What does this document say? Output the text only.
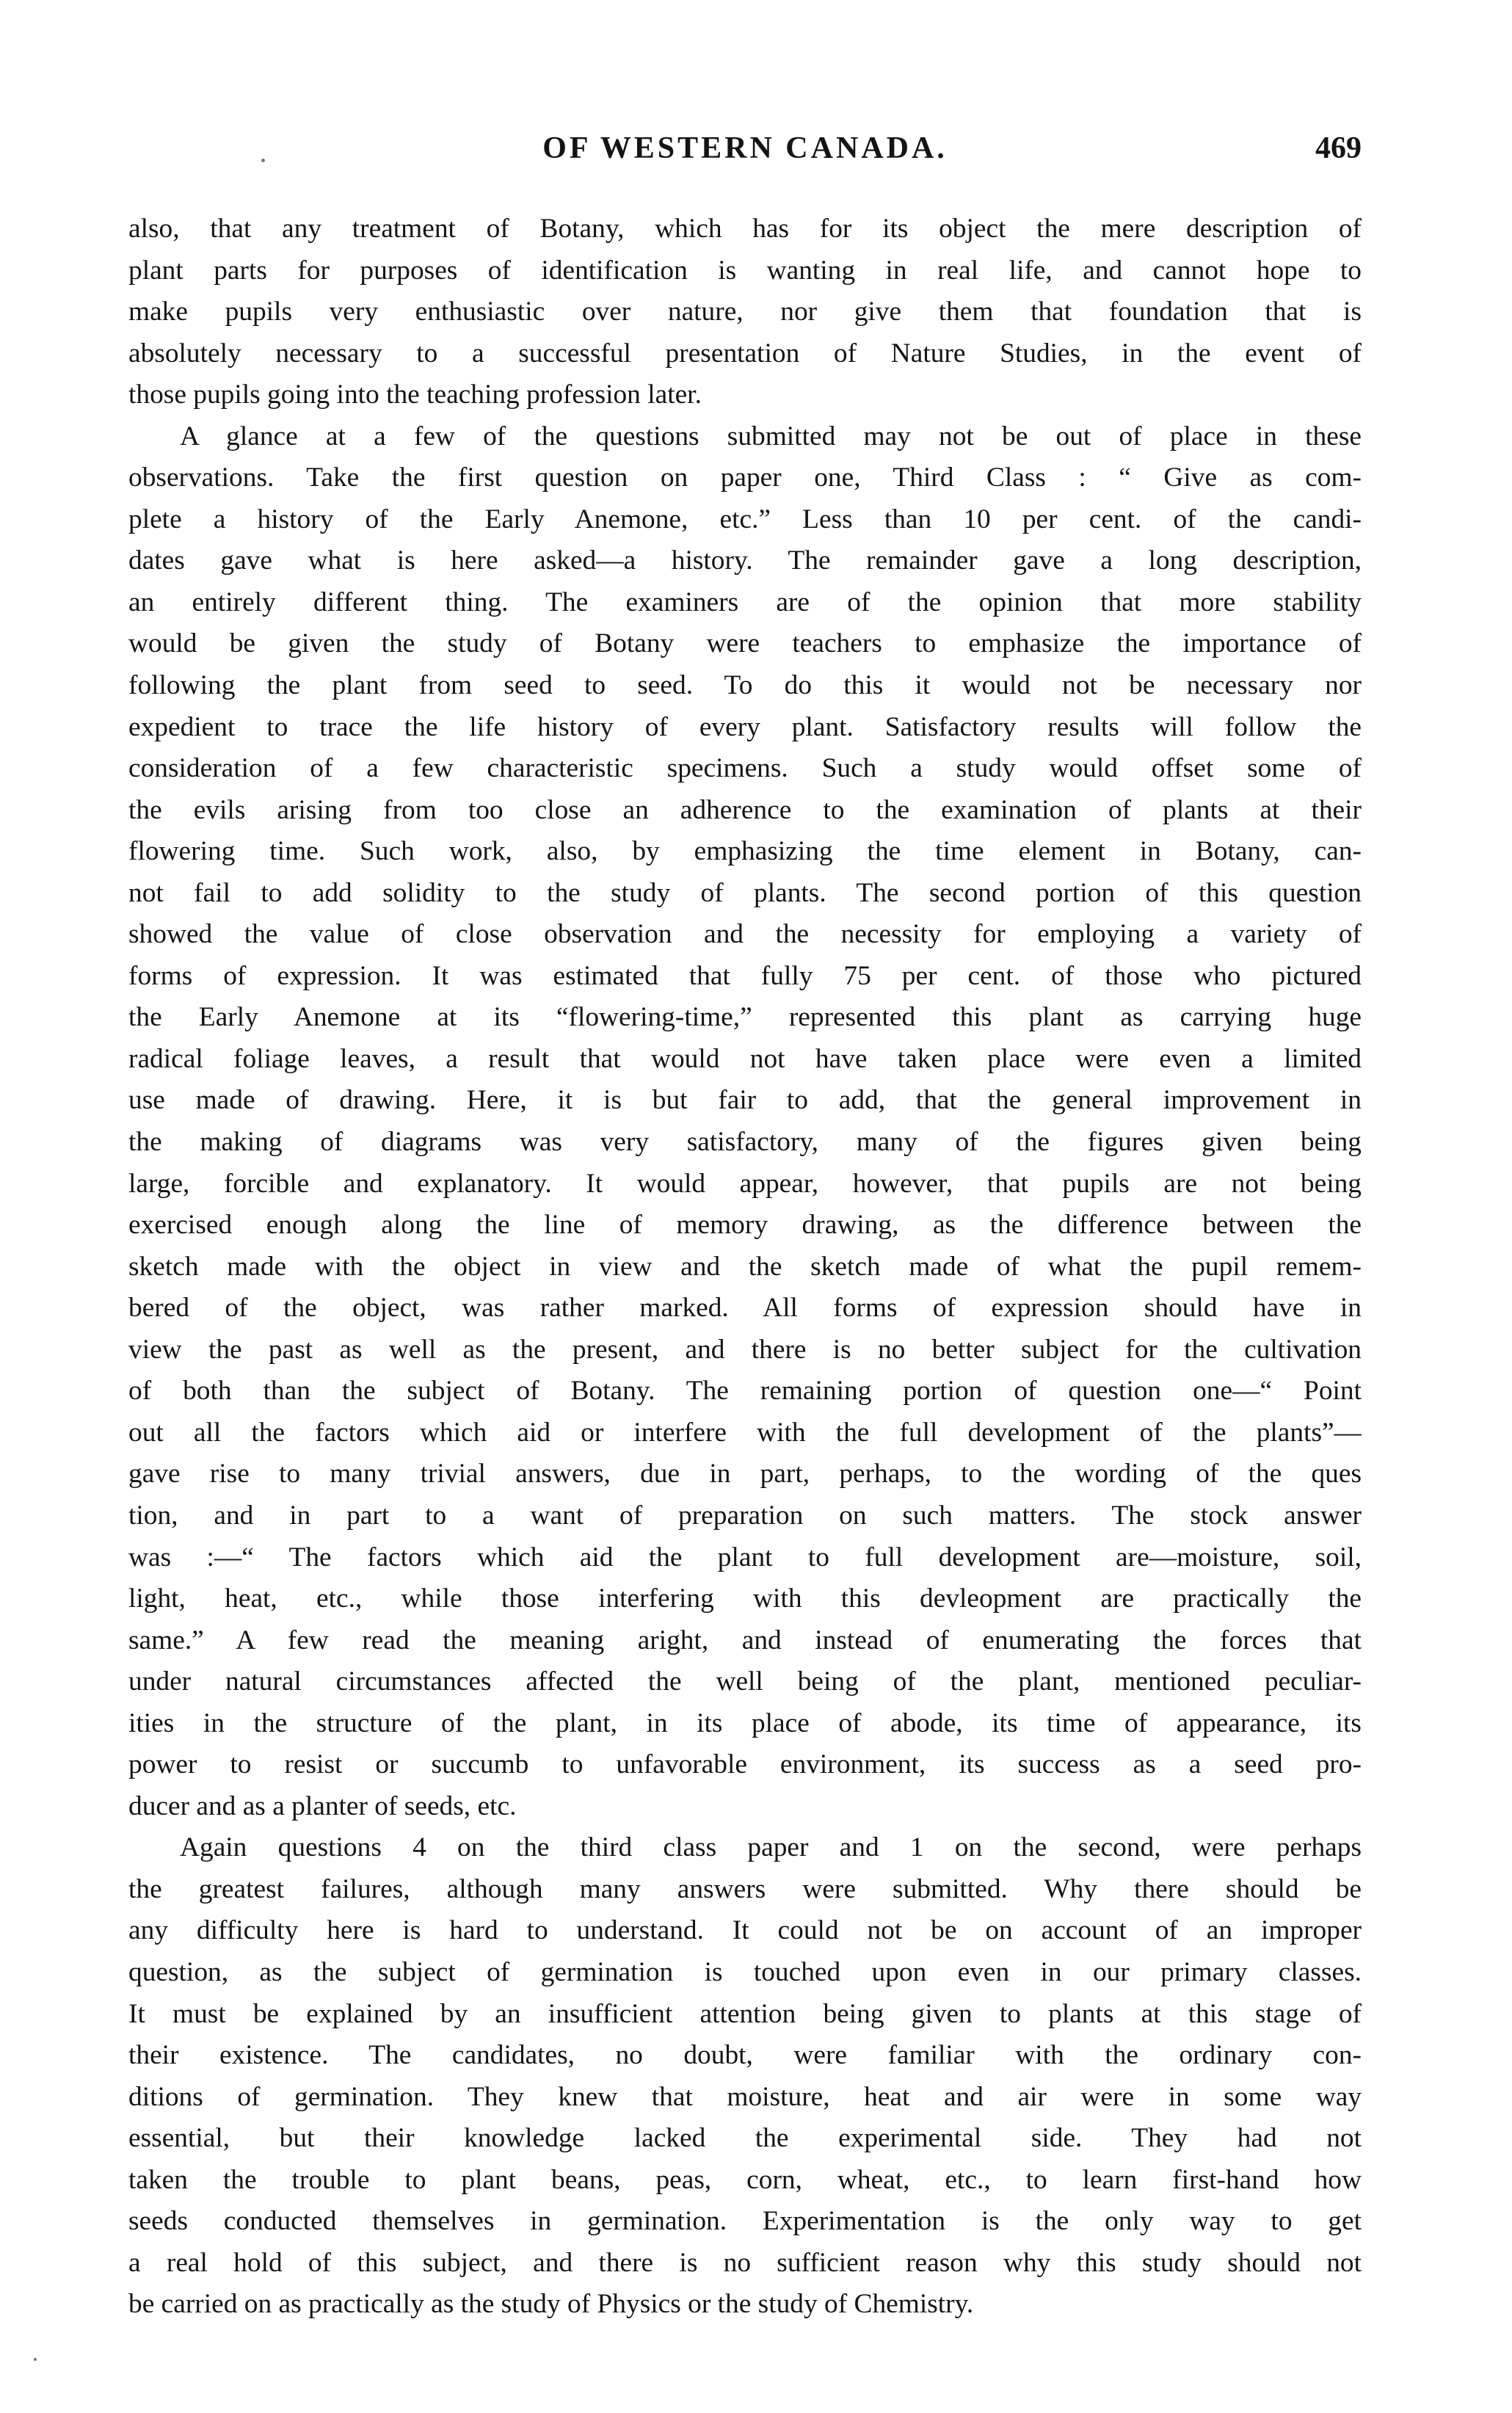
OF WESTERN CANADA.	469
also, that any treatment of Botany, which has for its object the mere description of
plant parts for purposes of identification is wanting in real life, and cannot hope to
make pupils very enthusiastic over nature, nor give them that foundation that is
absolutely necessary to a successful presentation of Nature Studies, in the event of
those pupils going into the teaching profession later.
A glance at a few of the questions submitted may not be out of place in these
observations. Take the first question on paper one, Third Class : “ Give as com-
plete a history of the Early Anemone, etc.” Less than 10 per cent. of the candi-
dates gave what is here asked—a history. The remainder gave a long description,
an entirely different thing. The examiners are of the opinion that more stability
would be given the study of Botany were teachers to emphasize the importance of
following the plant from seed to seed. To do this it would not be necessary nor
expedient to trace the life history of every plant. Satisfactory results will follow the
consideration of a few characteristic specimens. Such a study would offset some of
the evils arising from too close an adherence to the examination of plants at their
flowering time. Such work, also, by emphasizing the time element in Botany, can-
not fail to add solidity to the study of plants. The second portion of this question
showed the value of close observation and the necessity for employing a variety of
forms of expression. It was estimated that fully 75 per cent. of those who pictured
the Early Anemone at its “flowering-time,” represented this plant as carrying huge
radical foliage leaves, a result that would not have taken place were even a limited
use made of drawing. Here, it is but fair to add, that the general improvement in
the making of diagrams was very satisfactory, many of the figures given being
large, forcible and explanatory. It would appear, however, that pupils are not being
exercised enough along the line of memory drawing, as the difference between the
sketch made with the object in view and the sketch made of what the pupil remem-
bered of the object, was rather marked. All forms of expression should have in
view the past as well as the present, and there is no better subject for the cultivation
of both than the subject of Botany. The remaining portion of question one—“ Point
out all the factors which aid or interfere with the full development of the plants”—
gave rise to many trivial answers, due in part, perhaps, to the wording of the ques
tion, and in part to a want of preparation on such matters. The stock answer
was :—“ The factors which aid the plant to full development are—moisture, soil,
light, heat, etc., while those interfering with this devleopment are practically the
same.” A few read the meaning aright, and instead of enumerating the forces that
under natural circumstances affected the well being of the plant, mentioned peculiar-
ities in the structure of the plant, in its place of abode, its time of appearance, its
power to resist or succumb to unfavorable environment, its success as a seed pro-
ducer and as a planter of seeds, etc.
Again questions 4 on the third class paper and 1 on the second, were perhaps
the greatest failures, although many answers were submitted. Why there should be
any difficulty here is hard to understand. It could not be on account of an improper
question, as the subject of germination is touched upon even in our primary classes.
It must be explained by an insufficient attention being given to plants at this stage of
their existence. The candidates, no doubt, were familiar with the ordinary con-
ditions of germination. They knew that moisture, heat and air were in some way
essential, but their knowledge lacked the experimental side. They had not
taken the trouble to plant beans, peas, corn, wheat, etc., to learn first-hand how
seeds conducted themselves in germination. Experimentation is the only way to get
a real hold of this subject, and there is no sufficient reason why this study should not
be carried on as practically as the study of Physics or the study of Chemistry.
